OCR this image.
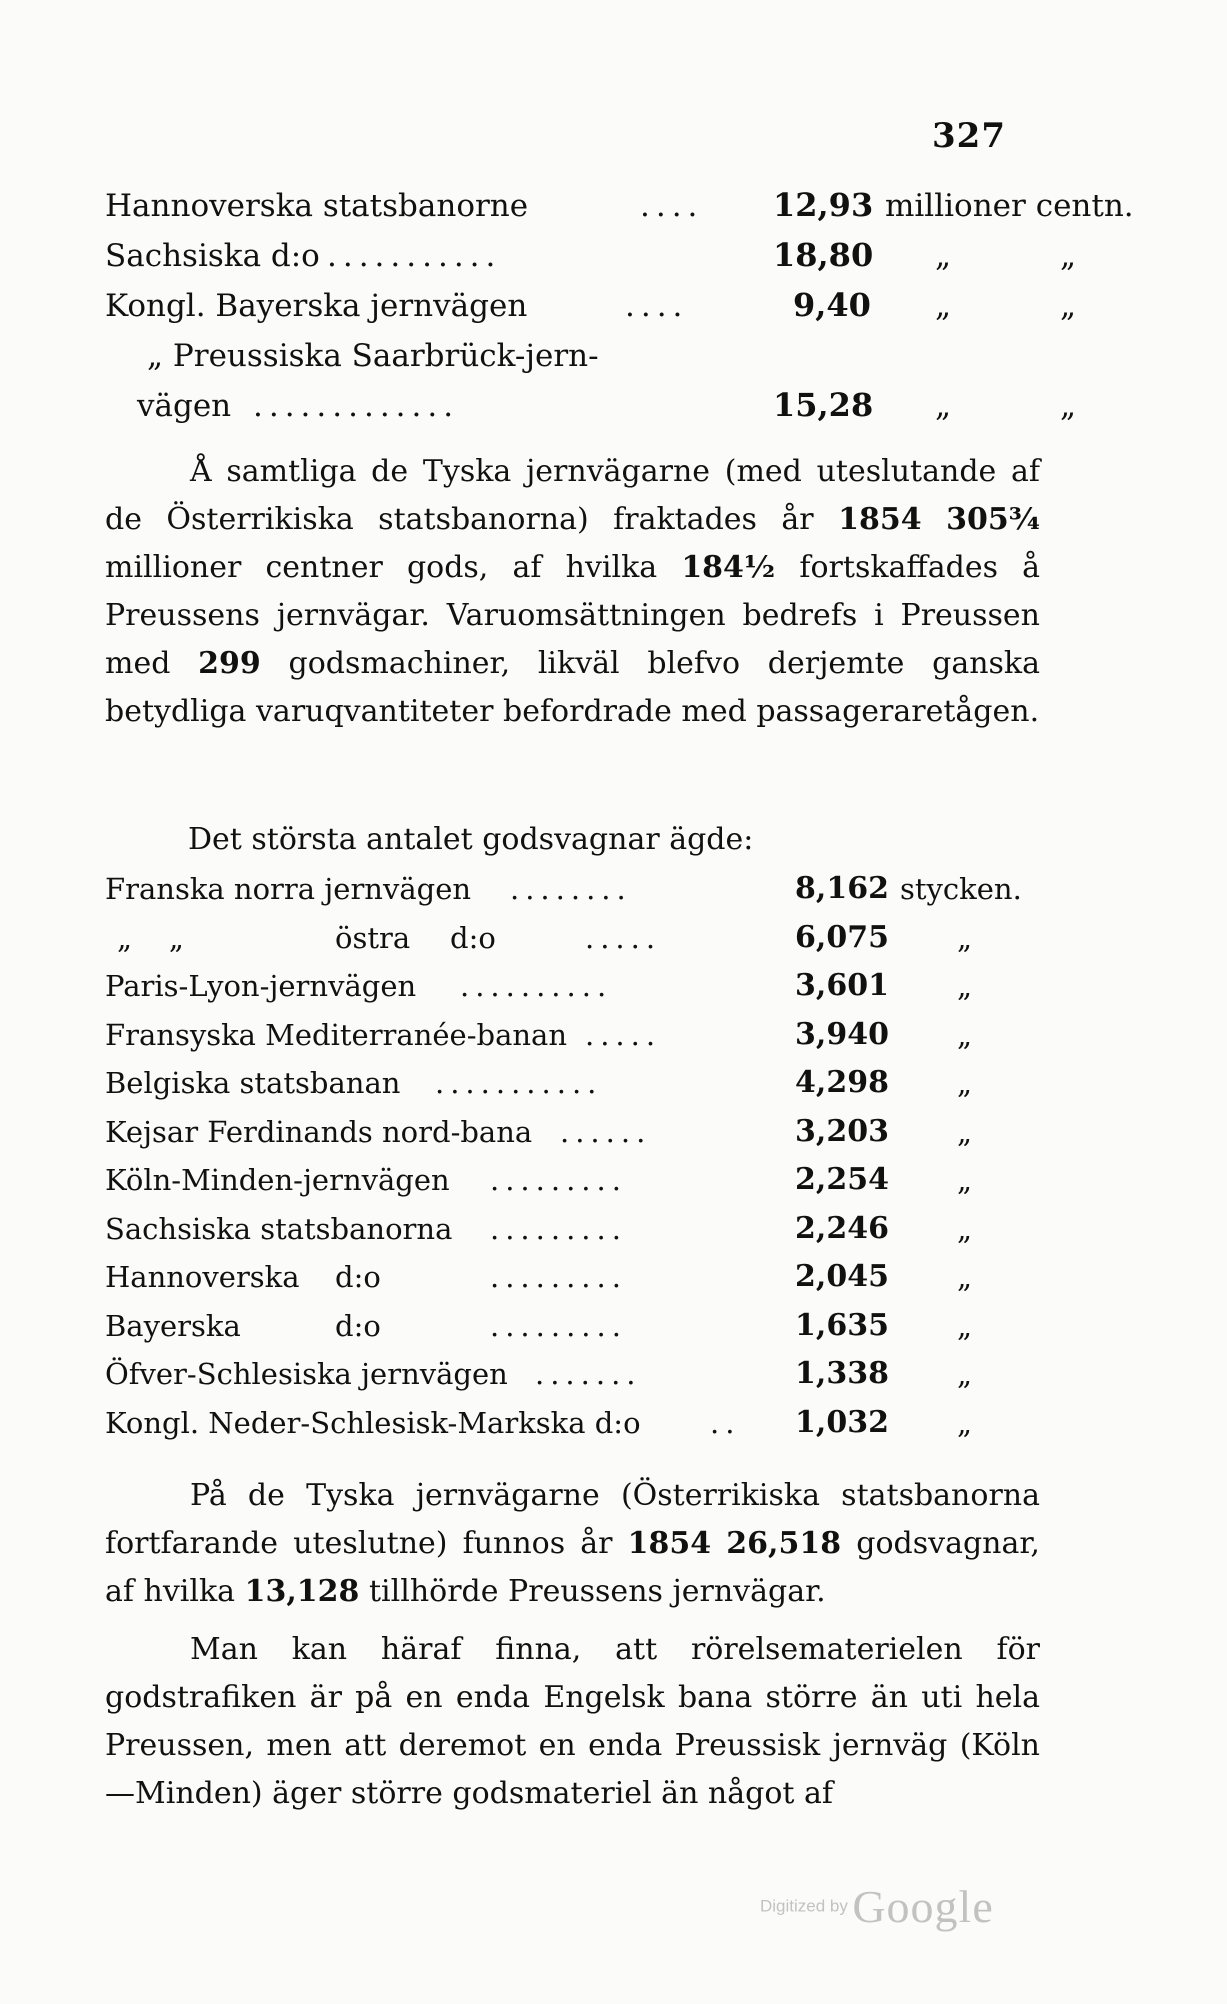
327
Hannoverska statsbanorne	.... 12,93 millioner centn.
Sachsiska d:o ...........	18,80 „	„
Kongl. Bayerska jernvägen	....	9,40 „	„
„ Preussiska Saarbrück-jern-
vägen .............	15,28 „	„
Å samtliga de Tyska jernvägarne (med uteslutande af de Österrikiska statsbanorna) fraktades år 1854 305¾ millioner centner gods, af hvilka 184½ fortskaffades å Preussens jernvägar. Varuomsättningen bedrefs i Preussen med 299 godsmachiner, likväl blefvo derjemte ganska betydliga varuqvantiteter befordrade med passageraretågen.
Det största antalet godsvagnar ägde:
Franska norra jernvägen ........	8,162 stycken.
„    „	östra d:o	.....	6,075 „
Paris-Lyon-jernvägen ..........	3,601 „
Fransyska Mediterranée-banan .....	3,940 „
Belgiska statsbanan ...........	4,298 „
Kejsar Ferdinands nord-bana ......	3,203 „
Köln-Minden-jernvägen .........	2,254 „
Sachsiska statsbanorna .........	2,246 „
Hannoverska d:o	.........	2,045 „
Bayerska	d:o	.........	1,635 „
Öfver-Schlesiska jernvägen .......	1,338 „
Kongl. Neder-Schlesisk-Markska d:o .. 1,032 „
På de Tyska jernvägarne (Österrikiska statsbanorna fortfarande uteslutne) funnos år 1854 26,518 godsvagnar, af hvilka 13,128 tillhörde Preussens jernvägar.
Man kan häraf finna, att rörelsematerielen för godstrafiken är på en enda Engelsk bana större än uti hela Preussen, men att deremot en enda Preussisk jernväg (Köln—Minden) äger större godsmateriel än något af
Digitized by Google
